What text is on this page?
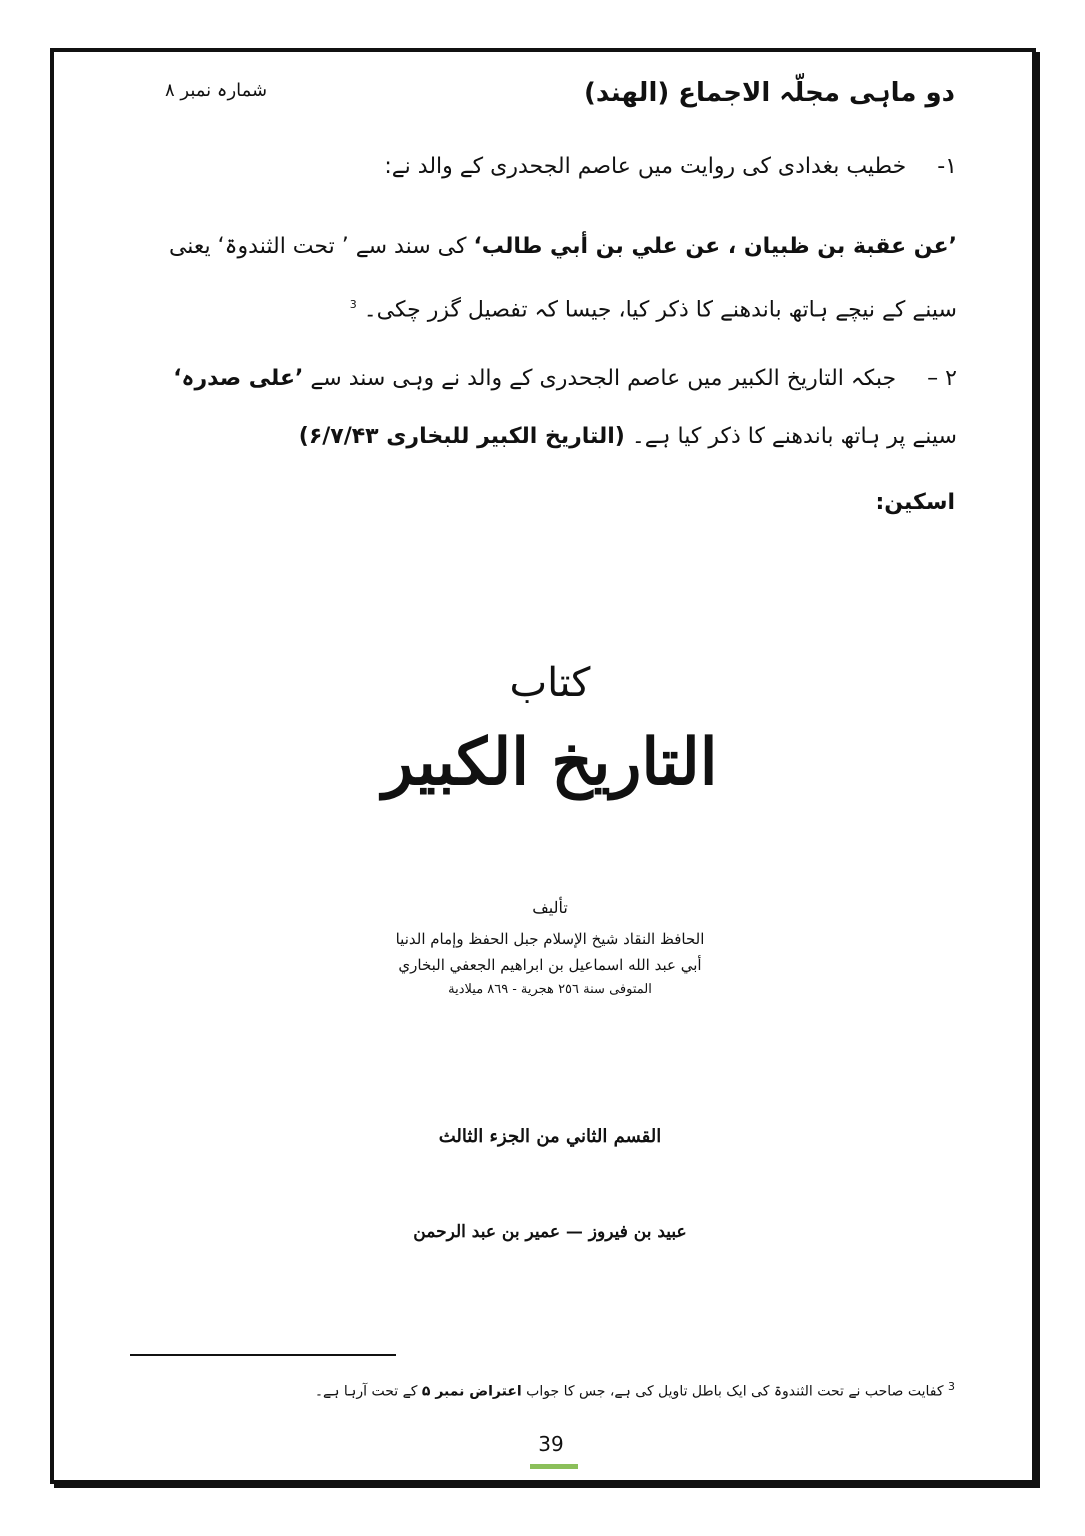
دو ماہی مجلّہ الاجماع (الھند)
شمارہ نمبر ۸
۱- خطیب بغدادی کی روایت میں عاصم الجحدری کے والد نے:
’عن عقبة بن ظبيان ، عن علي بن أبي طالب‘ کی سند سے ’ تحت الثندوۃ‘ یعنی سینے کے نیچے ہاتھ باندھنے کا ذکر کیا، جیسا کہ تفصیل گزر چکی۔ $^3$
۲ – جبکہ التاریخ الکبیر میں عاصم الجحدری کے والد نے وہی سند سے ’علی صدرہ‘ سینے پر ہاتھ باندھنے کا ذکر کیا ہے۔ (التاریخ الکبیر للبخاری ۶/۷/۴۳)
اسکین:
كتاب
التاريخ الكبير
تأليف
الحافظ النقاد شيخ الإسلام جبل الحفظ وإمام الدنيا
أبي عبد الله اسماعيل بن ابراهيم الجعفي البخاري
المتوفى سنة ٢٥٦ هجرية - ٨٦٩ ميلادية
القسم الثاني من الجزء الثالث
عبيد بن فيروز — عمير بن عبد الرحمن
$^3$ کفایت صاحب نے تحت الثندوۃ کی ایک باطل تاویل کی ہے، جس کا جواب اعتراض نمبر ۵ کے تحت آرہا ہے۔
39
